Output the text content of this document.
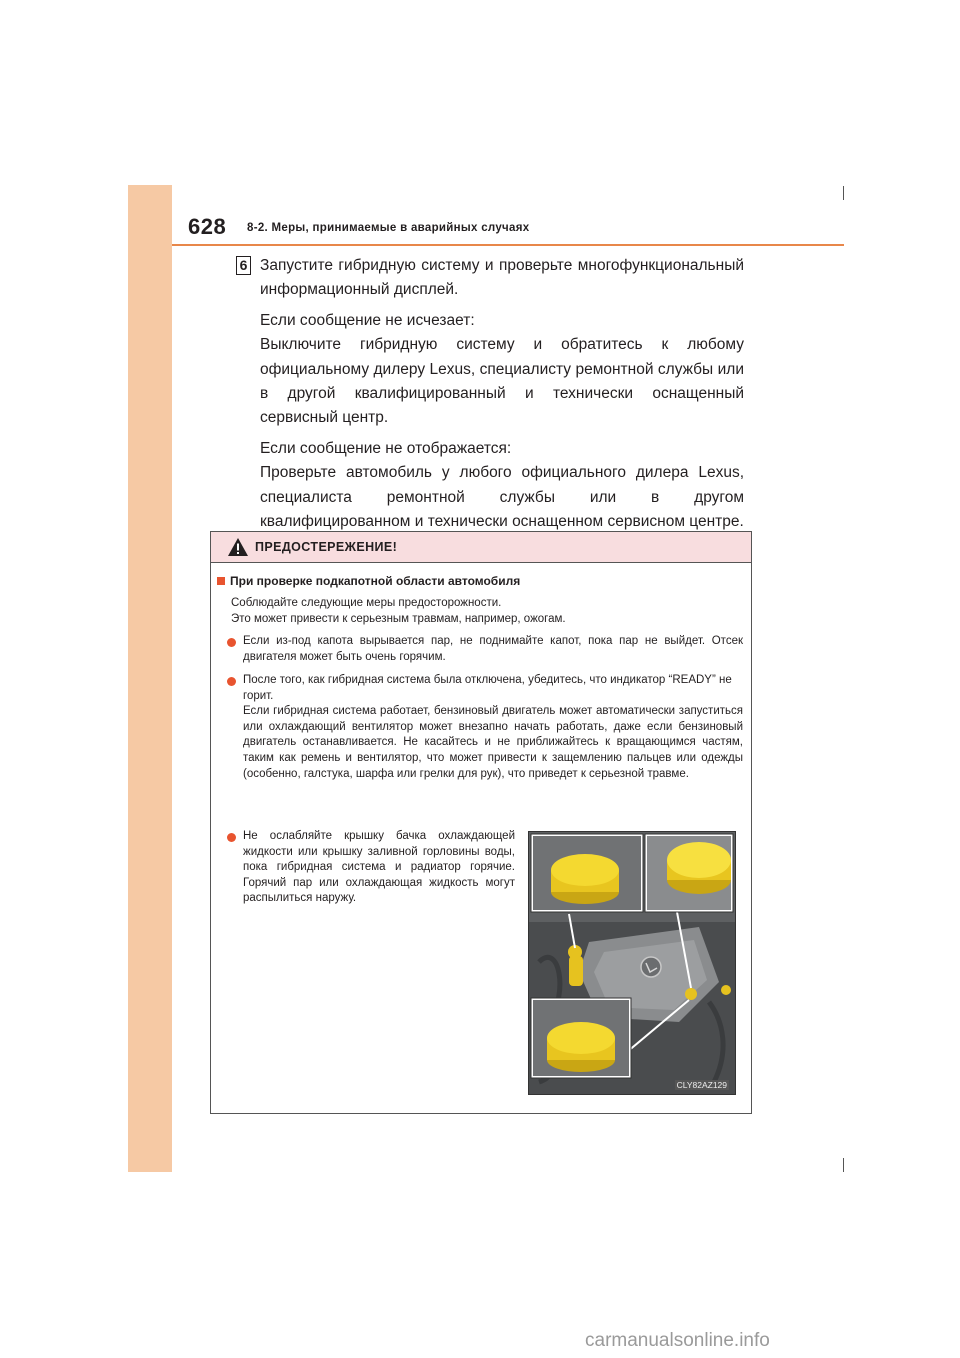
628 8-2. Меры, принимаемые в аварийных случаях
6 Запустите гибридную систему и проверьте многофункциональный информационный дисплей.

Если сообщение не исчезает:

Выключите гибридную систему и обратитесь к любому официальному дилеру Lexus, специалисту ремонтной службы или в другой квалифицированный и технически оснащенный сервисный центр.

Если сообщение не отображается:

Проверьте автомобиль у любого официального дилера Lexus, специалиста ремонтной службы или в другом квалифицированном и технически оснащенном сервисном центре.

ПРЕДОСТЕРЕЖЕНИЕ!
При проверке подкапотной области автомобиля
Соблюдайте следующие меры предосторожности.
Это может привести к серьезным травмам, например, ожогам.
Если из-под капота вырывается пар, не поднимайте капот, пока пар не выйдет. Отсек двигателя может быть очень горячим.

После того, как гибридная система была отключена, убедитесь, что индикатор “READY” не горит.

Если гибридная система работает, бензиновый двигатель может автоматически запуститься или охлаждающий вентилятор может внезапно начать работать, даже если бензиновый двигатель останавливается. Не касайтесь и не приближайтесь к вращающимся частям, таким как ремень и вентилятор, что может привести к защемлению пальцев или одежды (особенно, галстука, шарфа или грелки для рук), что приведет к серьезной травме.

Не ослабляйте крышку бачка охлаждающей жидкости или крышку заливной горловины воды, пока гибридная система и радиатор горячие. Горячий пар или охлаждающая жидкость могут распылиться наружу.
CLY82AZ129
carmanualsonline.info
